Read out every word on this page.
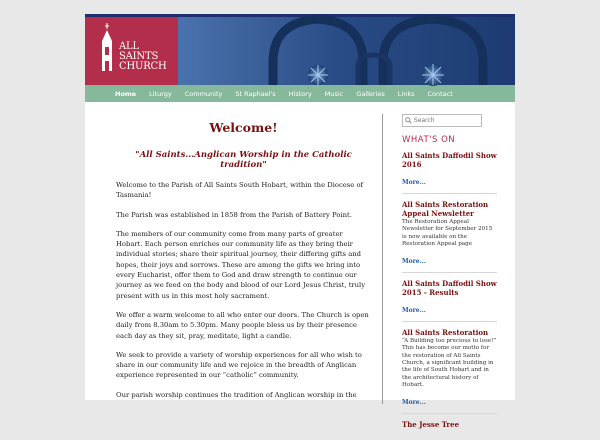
ALL
SAINTS
CHURCH
Home Liturgy Community St Raphael's History Music Galleries Links Contact
Welcome!
"All Saints...Anglican Worship in the Catholic tradition"

Welcome to the Parish of All Saints South Hobart, within the Diocese of Tasmania!

The Parish was established in 1858 from the Parish of Battery Point.

The members of our community come from many parts of greater Hobart. Each person enriches our community life as they bring their individual stories; share their spiritual journey, their differing gifts and hopes, their joys and sorrows. These are among the gifts we bring into every Eucharist, offer them to God and draw strength to continue our journey as we feed on the body and blood of our Lord Jesus Christ, truly present with us in this most holy sacrament.

We offer a warm welcome to all who enter our doors. The Church is open daily from 8.30am to 5.30pm. Many people bless us by their presence each day as they sit, pray, meditate, light a candle.

We seek to provide a variety of worship experiences for all who wish to share in our community life and we rejoice in the breadth of Anglican experience represented in our “catholic” community.

Our parish worship continues the tradition of Anglican worship in the

Search
WHAT'S ON
All Saints Daffodil Show 2016
More...
All Saints Restoration Appeal Newsletter
The Restoration Appeal Newsletter for September 2015 is now available on the Restoration Appeal page
More...
All Saints Daffodil Show 2015 - Results
More...
All Saints Restoration
“A Building too precious to lose!” This has become our motto for the restoration of All Saints Church, a significant building in the life of South Hobart and in the architectural history of Hobart.
More...
The Jesse Tree
